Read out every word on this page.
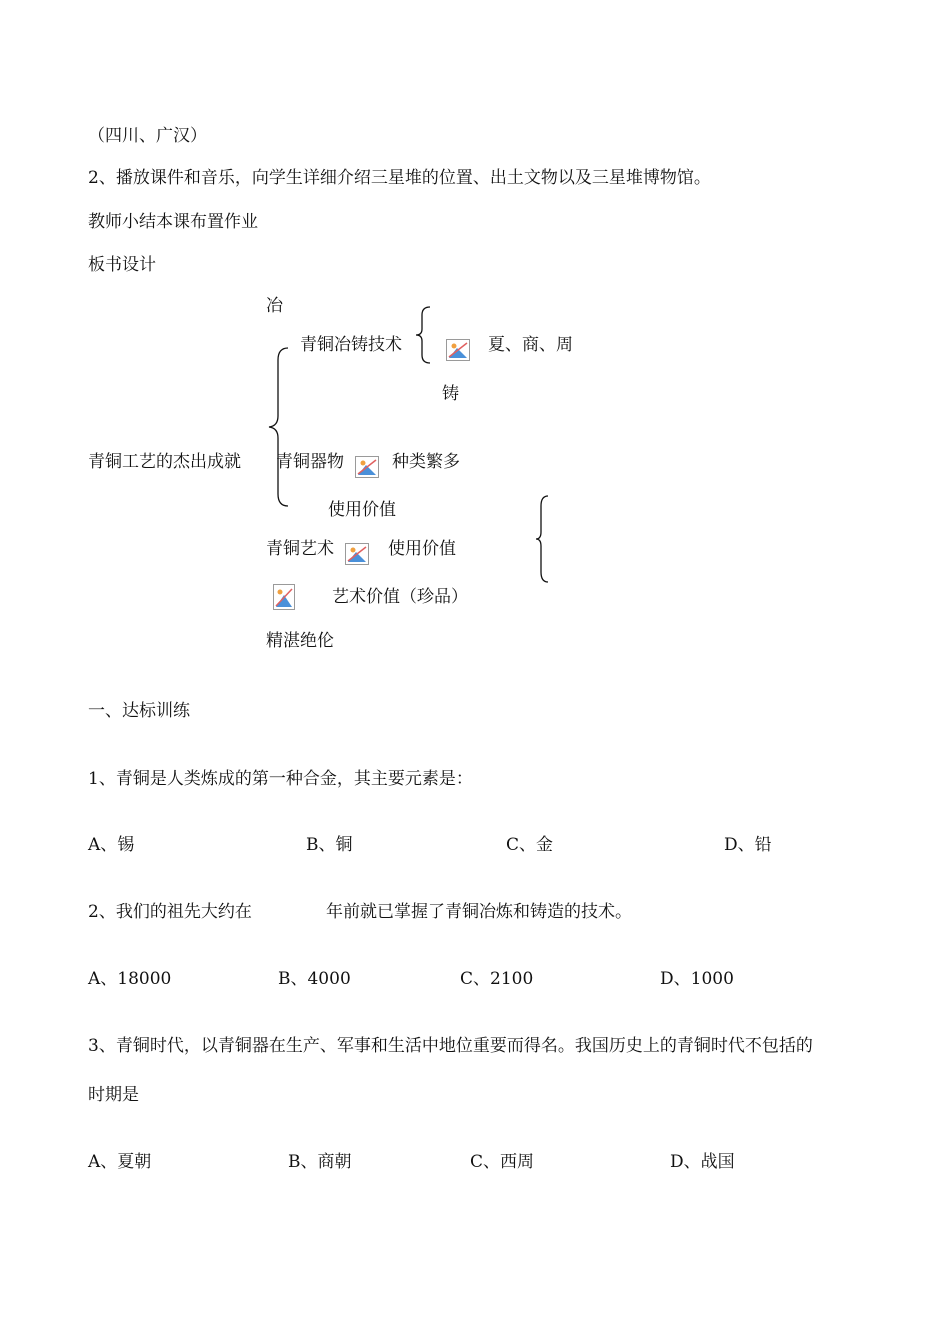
（四川、广汉）
2、播放课件和音乐，向学生详细介绍三星堆的位置、出土文物以及三星堆博物馆。
教师小结本课布置作业
板书设计
冶
青铜冶铸技术	夏、商、周
铸
青铜工艺的杰出成就 青铜器物	种类繁多
使用价值
青铜艺术	使用价值
艺术价值（珍品）
精湛绝伦
一、达标训练
1、青铜是人类炼成的第一种合金，其主要元素是：
A、锡	B、铜	C、金	D、铅
2、我们的祖先大约在	年前就已掌握了青铜冶炼和铸造的技术。
A、18000	B、4000	C、2100	D、1000
3、青铜时代，以青铜器在生产、军事和生活中地位重要而得名。我国历史上的青铜时代不包括的
时期是
A、夏朝	B、商朝	C、西周	D、战国
